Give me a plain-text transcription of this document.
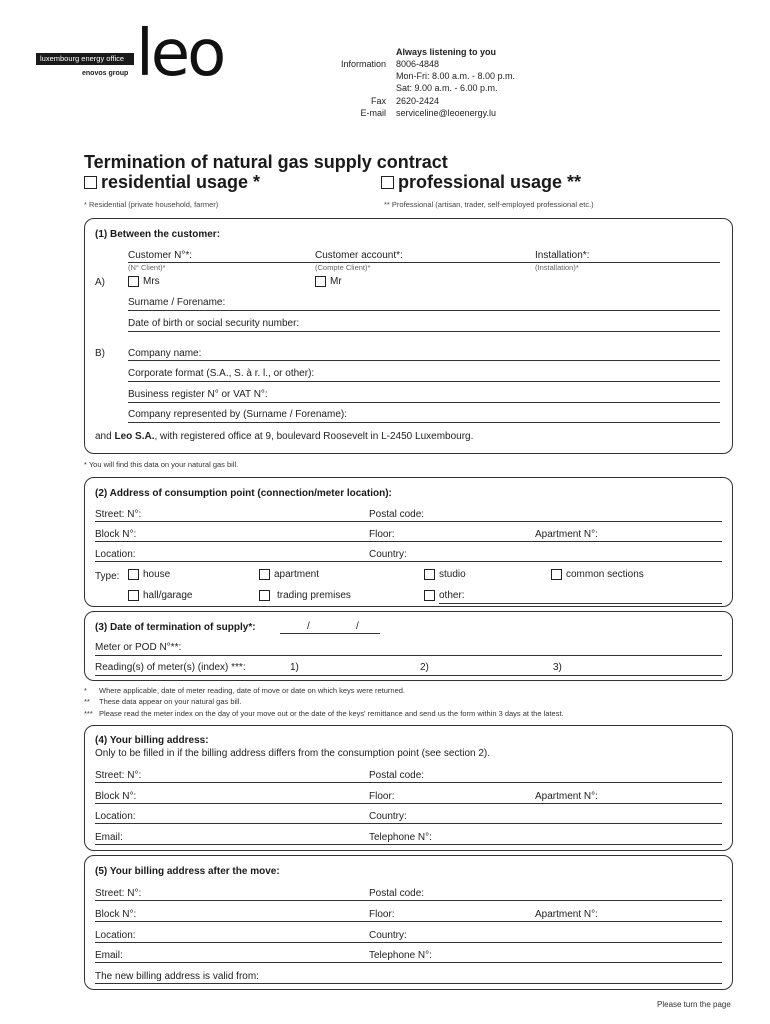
luxembourg energy office
enovos group leo	Always listening to you
Information 8006-4848
Mon-Fri: 8.00 a.m. - 8.00 p.m.
Sat: 9.00 a.m. - 6.00 p.m.
Fax 2620-2424
E-mail serviceline@leoenergy.lu
Termination of natural gas supply contract
residential usage *	professional usage **
* Residential (private household, farmer)	** Professional (artisan, trader, self-employed professional etc.)
(1) Between the customer:
Customer N°*:
(N° Client)*
Customer account*:
(Compte Client)*
Installation*:
(Installation)*
A)	Mrs	Mr
Surname / Forename:
Date of birth or social security number:
B) Company name:
Corporate format (S.A., S. à r. l., or other):
Business register N° or VAT N°:
Company represented by (Surname / Forename):
and Leo S.A., with registered office at 9, boulevard Roosevelt in L-2450 Luxembourg.
* You will find this data on your natural gas bill.
(2) Address of consumption point (connection/meter location):
Street: N°:	Postal code:
Block N°:	Floor:	Apartment N°:
Location:	Country:
Type: house	apartment	studio	common sections
hall/garage	trading premises	other:
(3) Date of termination of supply*:	/	/
Meter or POD N°**:
Reading(s) of meter(s) (index) ***:	1)	2)	3)
* Where applicable, date of meter reading, date of move or date on which keys were returned.
** These data appear on your natural gas bill.
*** Please read the meter index on the day of your move out or the date of the keys' remittance and send us the form within 3 days at the latest.
(4) Your billing address:
Only to be filled in if the billing address differs from the consumption point (see section 2).
Street: N°:	Postal code:
Block N°:	Floor:	Apartment N°:
Location:	Country:
Email:	Telephone N°:
(5) Your billing address after the move:
Street: N°:	Postal code:
Block N°:	Floor:	Apartment N°:
Location:	Country:
Email:	Telephone N°:
The new billing address is valid from:
Please turn the page
